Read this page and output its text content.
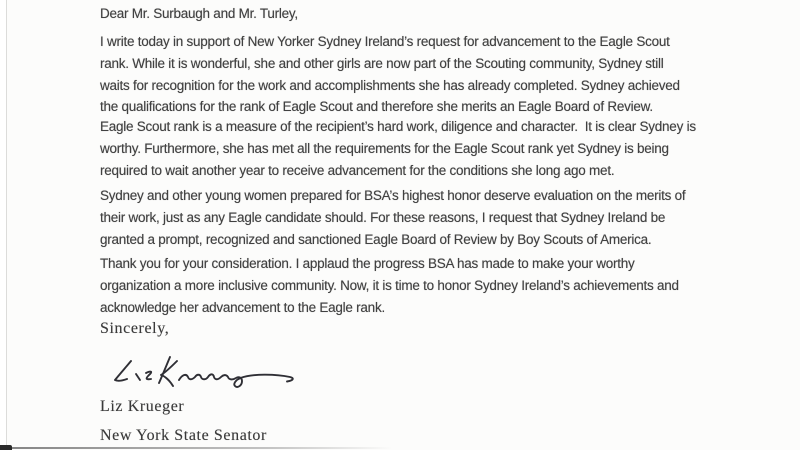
Dear Mr. Surbaugh and Mr. Turley,
I write today in support of New Yorker Sydney Ireland’s request for advancement to the Eagle Scout
rank. While it is wonderful, she and other girls are now part of the Scouting community, Sydney still
waits for recognition for the work and accomplishments she has already completed. Sydney achieved
the qualifications for the rank of Eagle Scout and therefore she merits an Eagle Board of Review.
Eagle Scout rank is a measure of the recipient’s hard work, diligence and character.  It is clear Sydney is
worthy. Furthermore, she has met all the requirements for the Eagle Scout rank yet Sydney is being
required to wait another year to receive advancement for the conditions she long ago met.
Sydney and other young women prepared for BSA’s highest honor deserve evaluation on the merits of
their work, just as any Eagle candidate should. For these reasons, I request that Sydney Ireland be
granted a prompt, recognized and sanctioned Eagle Board of Review by Boy Scouts of America.
Thank you for your consideration. I applaud the progress BSA has made to make your worthy
organization a more inclusive community. Now, it is time to honor Sydney Ireland’s achievements and
acknowledge her advancement to the Eagle rank.
Sincerely,
Liz Krueger
New York State Senator
